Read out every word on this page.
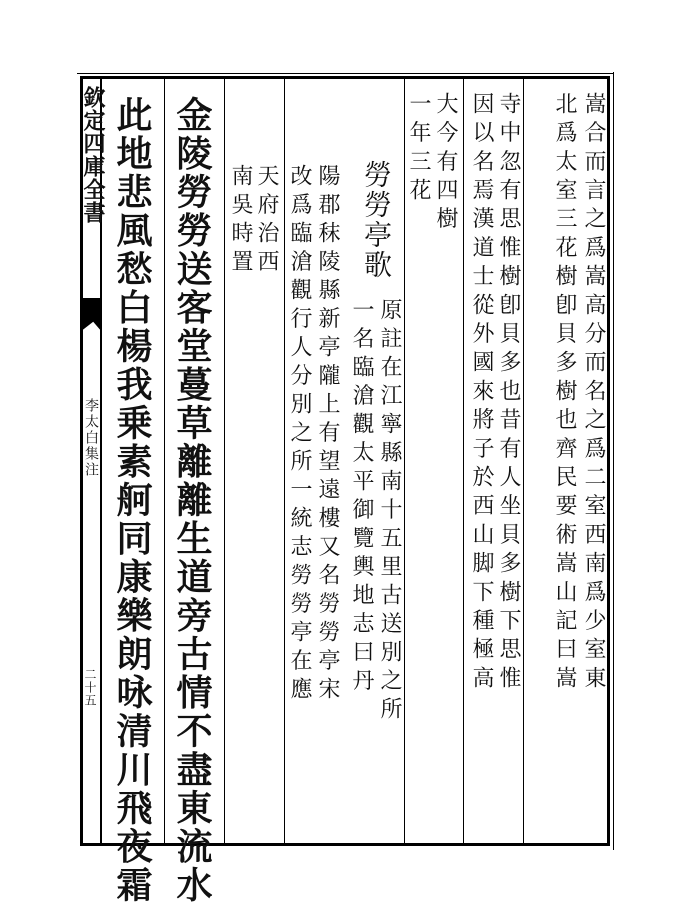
欽定四庫全書
李太白集注
二十五	嵩合而言之爲嵩高分而名之爲二室西南爲少室東
北爲太室三花樹卽貝多樹也齊民要術嵩山記曰嵩
寺中忽有思惟樹卽貝多也昔有人坐貝多樹下思惟
因以名焉漢道士從外國來將子於西山脚下種極高
大今有四樹
一年三花
勞勞亭歌
原註在江寧縣南十五里古送別之所
一名臨滄觀太平御覽輿地志曰丹
陽郡秣陵縣新亭隴上有望遠樓又名勞勞亭宋
改爲臨滄觀行人分別之所一統志勞勞亭在應
天府治西
南吳時置
金陵勞勞送客堂蔓草離離生道旁古情不盡東流水
此地悲風愁白楊我乗素舸同康樂朗咏清川飛夜霜
